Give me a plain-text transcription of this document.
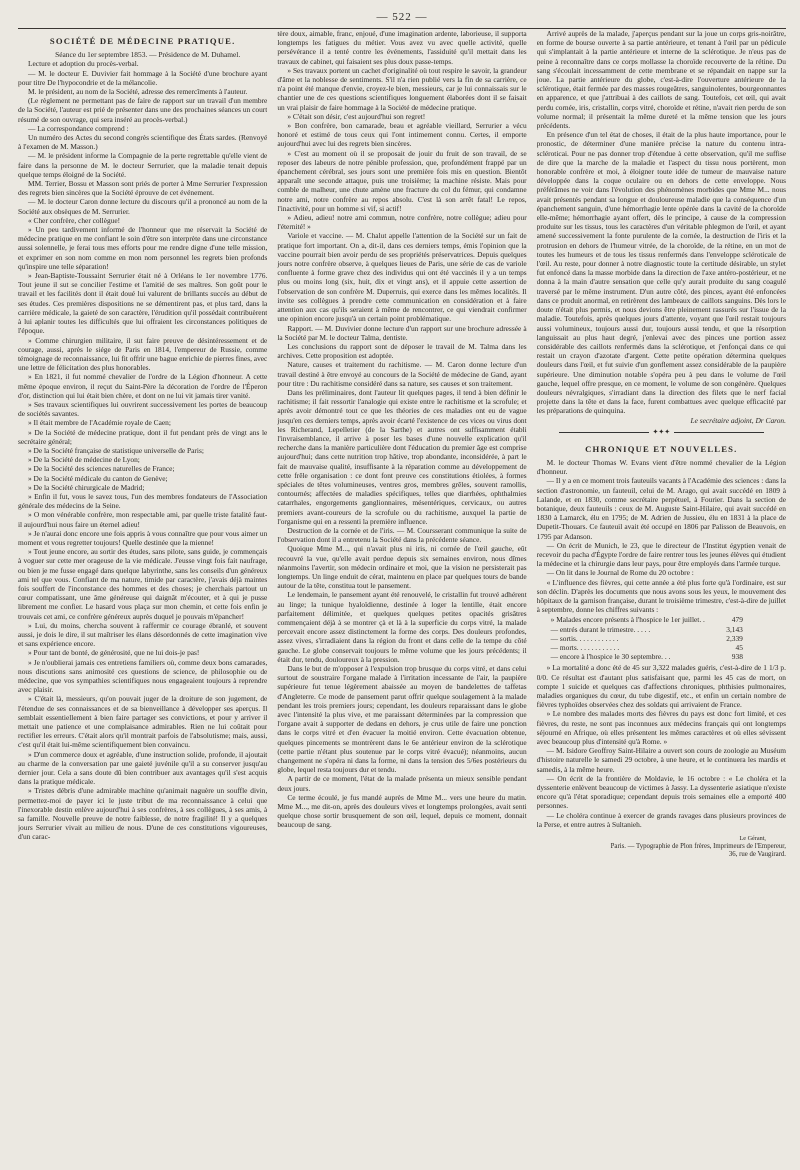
— 522 —
SOCIÉTÉ DE MÉDECINE PRATIQUE.

Séance du 1er septembre 1853. — Présidence de M. Duhamel.

Lecture et adoption du procès-verbal.

— M. le docteur E. Duvivier fait hommage à la Société d'une brochure ayant pour titre De l'hypocondrie et de la mélancolie.

M. le président, au nom de la Société, adresse des remercîments à l'auteur.

(Le règlement ne permettant pas de faire de rapport sur un travail d'un membre de la Société, l'auteur est prié de présenter dans une des prochaines séances un court résumé de son ouvrage, qui sera inséré au procès-verbal.)

— La correspondance comprend :

Un numéro des Actes du second congrès scientifique des États sardes. (Renvoyé à l'examen de M. Masson.)

— M. le président informe la Compagnie de la perte regrettable qu'elle vient de faire dans la personne de M. le docteur Serrurier, que la maladie tenait depuis quelque temps éloigné de la Société.

MM. Terrier, Bossu et Masson sont priés de porter à Mme Serrurier l'expression des regrets bien sincères que la Société éprouve de cet événement.

— M. le docteur Caron donne lecture du discours qu'il a prononcé au nom de la Société aux obsèques de M. Serrurier.

« Cher confrère, cher collègue!

» Un peu tardivement informé de l'honneur que me réservait la Société de médecine pratique en me confiant le soin d'être son interprète dans une circonstance aussi solennelle, je ferai tous mes efforts pour me rendre digne d'une telle mission, et exprimer en son nom comme en mon nom personnel les regrets bien profonds qu'inspire une telle séparation!

» Jean-Baptiste-Toussaint Serrurier était né à Orléans le 1er novembre 1776. Tout jeune il sut se concilier l'estime et l'amitié de ses maîtres. Son goût pour le travail et les facilités dont il était doué lui valurent de brillants succès au début de ses études. Ces premières dispositions ne se démentirent pas, et plus tard, dans la carrière médicale, la gaieté de son caractère, l'érudition qu'il possédait contribuèrent à lui aplanir toutes les difficultés que lui offraient les circonstances politiques de l'époque.

» Comme chirurgien militaire, il sut faire preuve de désintéressement et de courage, aussi, après le siége de Paris en 1814, l'empereur de Russie, comme témoignage de reconnaissance, lui fit offrir une bague enrichie de pierres fines, avec une lettre de félicitation des plus honorables.

» En 1821, il fut nommé chevalier de l'ordre de la Légion d'honneur. A cette même époque environ, il reçut du Saint-Père la décoration de l'ordre de l'Éperon d'or, distinction qui lui était bien chère, et dont on ne lui vit jamais tirer vanité.

» Ses travaux scientifiques lui ouvrirent successivement les portes de beaucoup de sociétés savantes.

» Il était membre de l'Académie royale de Caen;

» De la Société de médecine pratique, dont il fut pendant près de vingt ans le secrétaire général;

» De la Société française de statistique universelle de Paris;

» De la Société de médecine de Lyon;

» De la Société des sciences naturelles de France;

» De la Société médicale du canton de Genève;

» De la Société chirurgicale de Madrid;

» Enfin il fut, vous le savez tous, l'un des membres fondateurs de l'Association générale des médecins de la Seine.

» O mon vénérable confrère, mon respectable ami, par quelle triste fatalité faut-il aujourd'hui nous faire un éternel adieu!

» Je n'aurai donc encore une fois appris à vous connaître que pour vous aimer un moment et vous regretter toujours! Quelle destinée que la mienne!

» Tout jeune encore, au sortir des études, sans pilote, sans guide, je commençais à voguer sur cette mer orageuse de la vie médicale. J'eusse vingt fois fait naufrage, ou bien je me fusse engagé dans quelque labyrinthe, sans les conseils d'un généreux ami tel que vous. Confiant de ma nature, timide par caractère, j'avais déjà maintes fois souffert de l'inconstance des hommes et des choses; je cherchais partout un cœur compatissant, une âme généreuse qui daignât m'écouter, et à qui je pusse librement me confier. Le hasard vous plaça sur mon chemin, et cette fois enfin je trouvais cet ami, ce confrère généreux auprès duquel je pouvais m'épancher!

» Lui, du moins, chercha souvent à raffermir ce courage ébranlé, et souvent aussi, je dois le dire, il sut maîtriser les élans désordonnés de cette imagination vive et sans expérience encore.

» Pour tant de bonté, de générosité, que ne lui dois-je pas!

» Je n'oublierai jamais ces entretiens familiers où, comme deux bons camarades, nous discutions sans animosité ces questions de science, de philosophie ou de médecine, que vos sympathies scientifiques nous engageaient toujours à reprendre avec plaisir.

» C'était là, messieurs, qu'on pouvait juger de la droiture de son jugement, de l'étendue de ses connaissances et de sa bienveillance à développer ses aperçus. Il semblait essentiellement à bien faire partager ses convictions, et pour y arriver il mettait une patience et une complaisance admirables. Rien ne lui coûtait pour rectifier les erreurs. C'était alors qu'il montrait parfois de l'absolutisme; mais, aussi, c'est qu'il était lui-même scientifiquement bien convaincu.

» D'un commerce doux et agréable, d'une instruction solide, profonde, il ajoutait au charme de la conversation par une gaieté juvénile qu'il a su conserver jusqu'au dernier jour. Cela a sans doute dû bien contribuer aux avantages qu'il s'est acquis dans la pratique médicale.

» Tristes débris d'une admirable machine qu'animait naguère un souffle divin, permettez-moi de payer ici le juste tribut de ma reconnaissance à celui que l'inexorable destin enlève aujourd'hui à ses confrères, à ses collègues, à ses amis, à sa famille. Nouvelle preuve de notre faiblesse, de notre fragilité! Il y a quelques jours Serrurier vivait au milieu de nous. D'une de ces constitutions vigoureuses, d'un carac-

tère doux, aimable, franc, enjoué, d'une imagination ardente, laborieuse, il supporta longtemps les fatigues du métier. Vous avez vu avec quelle activité, quelle persévérance il a tenté contre les événements, l'assiduité qu'il mettait dans les travaux de cabinet, qui faisaient ses plus doux passe-temps.

» Ses travaux portent un cachet d'originalité où tout respire le savoir, la grandeur d'âme et la noblesse de sentiments. S'il n'a rien publié vers la fin de sa carrière, ce n'a point été manque d'envie, croyez-le bien, messieurs, car je lui connaissais sur le chantier une de ces questions scientifiques longuement élaborées dont il se faisait un vrai plaisir de faire hommage à la Société de médecine pratique.

» C'était son désir, c'est aujourd'hui son regret!

» Bon confrère, bon camarade, beau et agréable vieillard, Serrurier a vécu honoré et estimé de tous ceux qui l'ont intimement connu. Certes, il emporte aujourd'hui avec lui des regrets bien sincères.

» C'est au moment où il se proposait de jouir du fruit de son travail, de se reposer des labeurs de notre pénible profession, que, profondément frappé par un épanchement cérébral, ses jours sont une première fois mis en question. Bientôt apparaît une seconde attaque, puis une troisième; la machine résiste. Mais pour comble de malheur, une chute amène une fracture du col du fémur, qui condamne notre ami, notre confrère au repos absolu. C'est là son arrêt fatal! Le repos, l'inactivité, pour un homme si vif, si actif!

» Adieu, adieu! notre ami commun, notre confrère, notre collègue; adieu pour l'éternité! »

Variole et vaccine. — M. Chalut appelle l'attention de la Société sur un fait de pratique fort important. On a, dit-il, dans ces derniers temps, émis l'opinion que la vaccine pourrait bien avoir perdu de ses propriétés préservatrices. Depuis quelques jours notre confrère observe, à quelques lieues de Paris, une série de cas de variole confluente à forme grave chez des individus qui ont été vaccinés il y a un temps plus ou moins long (six, huit, dix et vingt ans), et il appuie cette assertion de l'observation de son confrère M. Duperruis, qui exerce dans les mêmes localités. Il invite ses collègues à prendre cette communication en considération et à faire attention aux cas qu'ils seraient à même de rencontrer, ce qui viendrait confirmer une opinion encore jusqu'à un certain point problématique.

Rapport. — M. Duvivier donne lecture d'un rapport sur une brochure adressée à la Société par M. le docteur Talma, dentiste.

Les conclusions du rapport sont de déposer le travail de M. Talma dans les archives. Cette proposition est adoptée.

Nature, causes et traitement du rachitisme. — M. Caron donne lecture d'un travail destiné à être envoyé au concours de la Société de médecine de Gand, ayant pour titre : Du rachitisme considéré dans sa nature, ses causes et son traitement.

Dans les préliminaires, dont l'auteur lit quelques pages, il tend à bien définir le rachitisme; il fait ressortir l'analogie qui existe entre le rachitisme et la scrofule; et après avoir démontré tout ce que les théories de ces maladies ont eu de vague jusqu'en ces derniers temps, après avoir écarté l'existence de ces vices ou virus dont les Richerand, Lepelletier (de la Sarthe) et autres ont suffisamment établi l'invraisemblance, il arrive à poser les bases d'une nouvelle explication qu'il recherche dans la manière particulière dont l'éducation du premier âge est comprise aujourd'hui; dans cette nutrition trop hâtive, trop abondante, inconsidérée, à part le fait de mauvaise qualité, insuffisante à la réparation comme au développement de cette frêle organisation : ce dont font preuve ces constitutions étiolées, à formes spéciales de têtes volumineuses, ventres gros, membres grêles, souvent ramollis, contournés; affectées de maladies spécifiques, telles que diarrhées, ophthalmies catarrhales, engorgements ganglionnaires, mésentériques, cervicaux, ou autres premiers avant-coureurs de la scrofule ou du rachitisme, auxquel la partie de l'organisme qui en a ressenti la première influence.

Destruction de la cornée et de l'iris. — M. Coursserant communique la suite de l'observation dont il a entretenu la Société dans la précédente séance.

Quoique Mme M..., qui n'avait plus ni iris, ni cornée de l'œil gauche, eût recouvré la vue, qu'elle avait perdue depuis six semaines environ, nous dîmes néanmoins l'avertir, son médecin ordinaire et moi, que la vision ne persisterait pas longtemps. Un linge enduit de cérat, maintenu en place par quelques tours de bande autour de la tête, constitua tout le pansement.

Le lendemain, le pansement ayant été renouvelé, le cristallin fut trouvé adhérent au linge; la tunique hyaloïdienne, destinée à loger la lentille, était encore parfaitement délimitée, et quelques quelques petites opacités grisâtres commençaient déjà à se montrer çà et là à la superficie du corps vitré, la malade percevait encore assez distinctement la forme des corps. Des douleurs profondes, assez vives, s'irradiaient dans la région du front et dans celle de la tempe du côté gauche. Le globe conservait toujours le même volume que les jours précédents; il était dur, tendu, douloureux à la pression.

Dans le but de m'opposer à l'expulsion trop brusque du corps vitré, et dans celui surtout de soustraire l'organe malade à l'irritation incessante de l'air, la paupière supérieure fut tenue légèrement abaissée au moyen de bandelettes de taffetas d'Angleterre. Ce mode de pansement parut offrir quelque soulagement à la malade pendant les trois premiers jours; cependant, les douleurs reparaissant dans le globe avec l'intensité la plus vive, et me paraissant déterminées par la compression que l'organe avait à supporter de dedans en dehors, je crus utile de faire une ponction dans le corps vitré et d'en évacuer la moitié environ. Cette évacuation obtenue, quelques pincements se montrèrent dans le 6e antérieur environ de la sclérotique (cette partie n'étant plus soutenue par le corps vitré évacué); néanmoins, aucun changement ne s'opéra ni dans la forme, ni dans la tension des 5/6es postérieurs du globe, lequel resta toujours dur et tendu.

A partir de ce moment, l'état de la malade présenta un mieux sensible pendant deux jours.

Ce terme écoulé, je fus mandé auprès de Mme M... vers une heure du matin. Mme M..., me dit-on, après des douleurs vives et longtemps prolongées, avait senti quelque chose sortir brusquement de son œil, lequel, depuis ce moment, donnait beaucoup de sang.

Arrivé auprès de la malade, j'aperçus pendant sur la joue un corps gris-noirâtre, en forme de bourse ouverte à sa partie antérieure, et tenant à l'œil par un pédicule qui s'implantait à la partie antérieure et interne de la sclérotique. Je n'eus pas de peine à reconnaître dans ce corps mollasse la choroïde recouverte de la rétine. Du sang s'écoulait incessamment de cette membrane et se répandait en nappe sur la joue. La partie antérieure du globe, c'est-à-dire l'ouverture antérieure de la sclérotique, était fermée par des masses rougeâtres, sanguinolentes, bourgeonnantes en apparence, et que j'attribuai à des caillots de sang. Toutefois, cet œil, qui avait perdu cornée, iris, cristallin, corps vitré, choroïde et rétine, n'avait rien perdu de son volume normal; il présentait la même dureté et la même tension que les jours précédents.

En présence d'un tel état de choses, il était de la plus haute importance, pour le pronostic, de déterminer d'une manière précise la nature du contenu intra-scléroticai. Pour ne pas donner trop d'étendue à cette observation, qu'il me suffise de dire que la marche de la maladie et l'aspect du tissu nous portèrent, mon honorable confrère et moi, à éloigner toute idée de tumeur de mauvaise nature développée dans la coque oculaire ou en dehors de cette enveloppe. Nous préférâmes ne voir dans l'évolution des phénomènes morbides que Mme M... nous avait présentés pendant sa longue et douloureuse maladie que la conséquence d'un épanchement sanguin, d'une hémorrhagie lente opérée dans la cavité de la choroïde elle-même; hémorrhagie ayant offert, dès le principe, à cause de la compression produite sur les tissus, tous les caractères d'un véritable phlegmon de l'œil, et ayant amené successivement la fonte purulente de la cornée, la destruction de l'iris et la protrusion en dehors de l'humeur vitrée, de la choroïde, de la rétine, en un mot de toutes les humeurs et de tous les tissus renfermés dans l'enveloppe scléroticale de l'œil. Au reste, pour donner à notre diagnostic toute la certitude désirable, un stylet fut enfoncé dans la masse morbide dans la direction de l'axe antéro-postérieur, et ne donna à la main d'autre sensation que celle qu'y aurait produite du sang coagulé traversé par le même instrument. D'un autre côté, des pinces, ayant été enfoncées dans ce produit anormal, en retirèrent des lambeaux de caillots sanguins. Dès lors le doute n'était plus permis, et nous devions être pleinement rassurés sur l'issue de la maladie. Toutefois, après quelques jours d'attente, voyant que l'œil restait toujours aussi volumineux, toujours aussi dur, toujours aussi tendu, et que la résorption languissait au plus haut degré, j'enlevai avec des pinces une portion assez considérable des caillots renfermés dans la sclérotique, et j'enfonçai dans ce qui restait un crayon d'azotate d'argent. Cette petite opération détermina quelques douleurs dans l'œil, et fut suivie d'un gonflement assez considérable de la paupière supérieure. Une diminution notable s'opéra peu à peu dans le volume de l'œil gauche, lequel offre presque, en ce moment, le volume de son congénère. Quelques douleurs névralgiques, s'irradiant dans la direction des filets que le nerf facial projette dans la tête et dans la face, furent combattues avec quelque efficacité par les préparations de quinquina.

Le secrétaire adjoint, Dr Caron.

✦✦✦
CHRONIQUE ET NOUVELLES.

M. le docteur Thomas W. Evans vient d'être nommé chevalier de la Légion d'honneur.

— Il y a en ce moment trois fauteuils vacants à l'Académie des sciences : dans la section d'astronomie, un fauteuil, celui de M. Arago, qui avait succédé en 1809 à Lalande, et en 1830, comme secrétaire perpétuel, à Fourier. Dans la section de botanique, deux fauteuils : ceux de M. Auguste Saint-Hilaire, qui avait succédé en 1830 à Lamarck, élu en 1795; de M. Adrien de Jussieu, élu en 1831 à la place de Dupetit-Thouars. Ce fauteuil avait été occupé en 1806 par Palisson de Beauvois, en 1795 par Adanson.

— On écrit de Munich, le 23, que le directeur de l'Institut égyptien venait de recevoir du pacha d'Égypte l'ordre de faire rentrer tous les jeunes élèves qui étudient la médecine et la chirurgie dans leur pays, pour être employés dans l'armée turque.

— On lit dans le Journal de Rome du 20 octobre :

« L'influence des fièvres, qui cette année a été plus forte qu'à l'ordinaire, est sur son déclin. D'après les documents que nous avons sous les yeux, le mouvement des hôpitaux de la garnison française, durant le troisième trimestre, c'est-à-dire de juillet à septembre, donne les chiffres suivants :

» Malades encore présents à l'hospice le 1er juillet. .	479
— entrés durant le trimestre. . . . .	3,143
— sortis. . . . . . . . . . . .	2,339
— morts. . . . . . . . . . . .	45
— encore à l'hospice le 30 septembre. . .	938

» La mortalité a donc été de 45 sur 3,322 malades guéris, c'est-à-dire de 1 1/3 p. 0/0. Ce résultat est d'autant plus satisfaisant que, parmi les 45 cas de mort, on compte 1 suicide et quelques cas d'affections chroniques, phthisies pulmonaires, maladies organiques du cœur, du tube digestif, etc., et enfin un certain nombre de fièvres typhoïdes observées chez des soldats qui arrivaient de France.

» Le nombre des malades morts des fièvres du pays est donc fort limité, et ces fièvres, du reste, ne sont pas inconnues aux médecins français qui ont longtemps séjourné en Afrique, où elles présentent les mêmes caractères et où elles sévissent avec beaucoup plus d'intensité qu'à Rome. »

— M. Isidore Geoffroy Saint-Hilaire a ouvert son cours de zoologie au Muséum d'histoire naturelle le samedi 29 octobre, à une heure, et le continuera les mardis et samedis, à la même heure.

— On écrit de la frontière de Moldavie, le 16 octobre : « Le choléra et la dyssenterie enlèvent beaucoup de victimes à Jassy. La dyssenterie asiatique n'existe encore qu'à l'état sporadique; cependant depuis trois semaines elle a emporté 400 personnes.

— Le choléra continue à exercer de grands ravages dans plusieurs provinces de la Perse, et entre autres à Sultanieh.

Le Gérant,
Paris. — Typographie de Plon frères, Imprimeurs de l'Empereur,
36, rue de Vaugirard.
